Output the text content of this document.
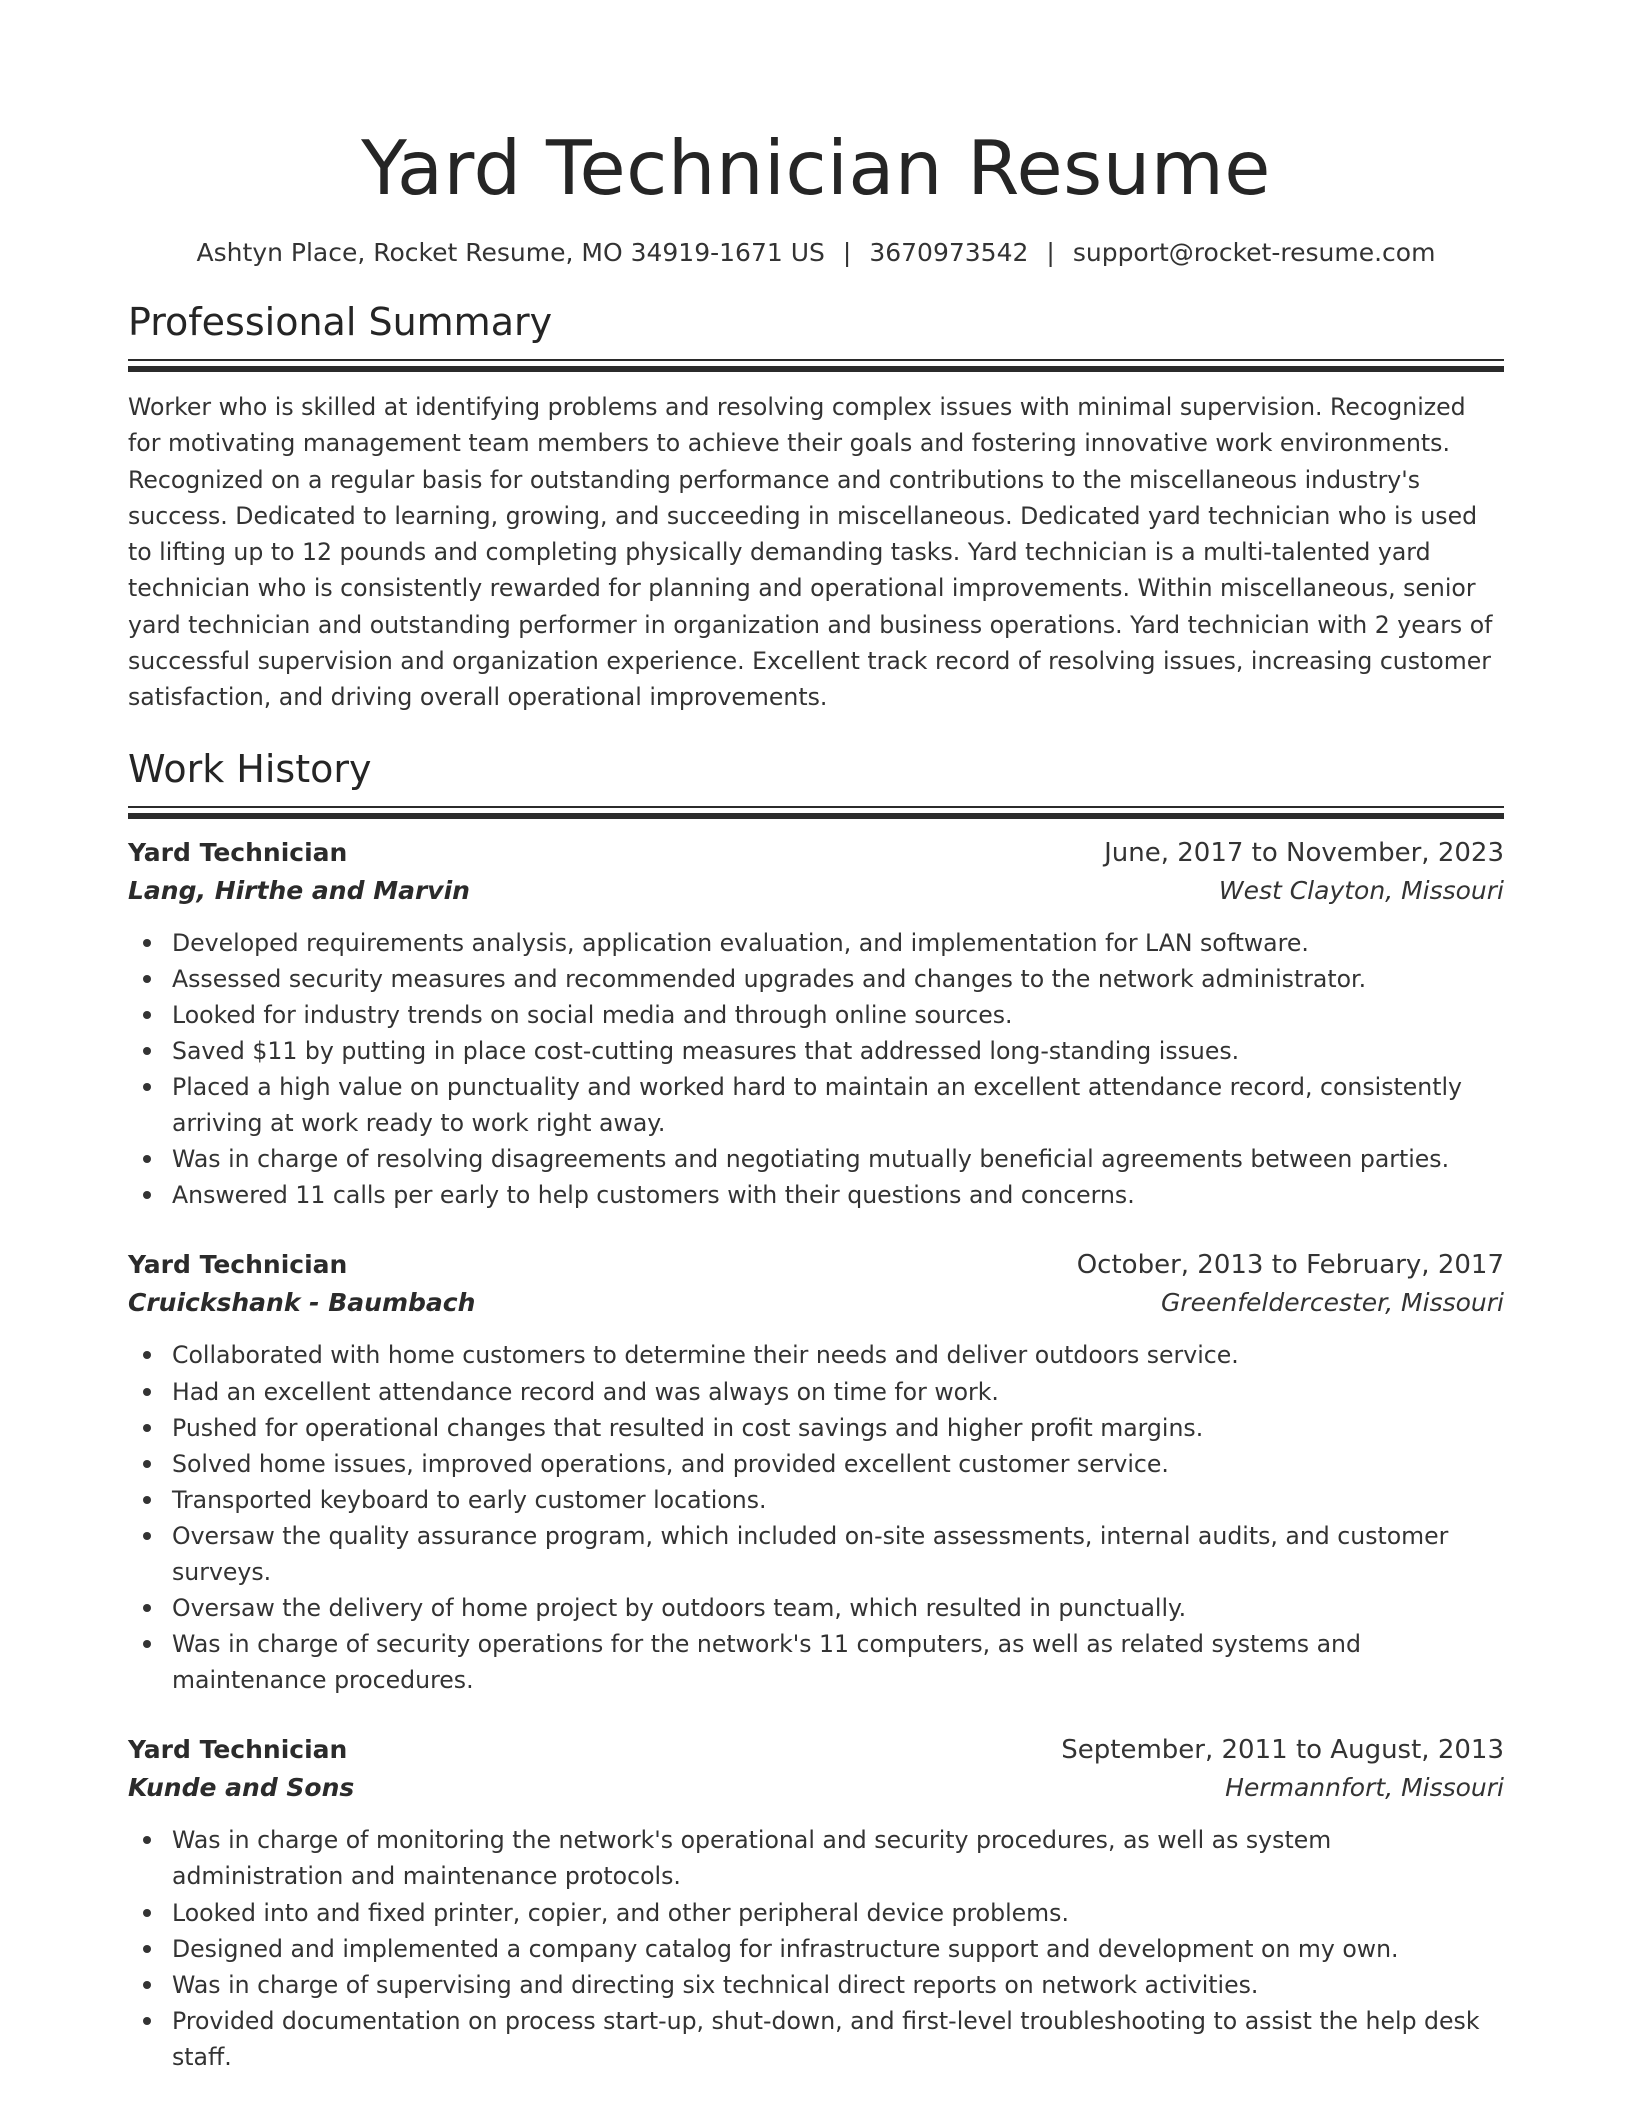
Yard Technician Resume
Ashtyn Place, Rocket Resume, MO 34919-1671 US | 3670973542 | support@rocket-resume.com
Professional Summary

Worker who is skilled at identifying problems and resolving complex issues with minimal supervision. Recognized for motivating management team members to achieve their goals and fostering innovative work environments. Recognized on a regular basis for outstanding performance and contributions to the miscellaneous industry's success. Dedicated to learning, growing, and succeeding in miscellaneous. Dedicated yard technician who is used to lifting up to 12 pounds and completing physically demanding tasks. Yard technician is a multi-talented yard technician who is consistently rewarded for planning and operational improvements. Within miscellaneous, senior yard technician and outstanding performer in organization and business operations. Yard technician with 2 years of successful supervision and organization experience. Excellent track record of resolving issues, increasing customer satisfaction, and driving overall operational improvements.

Work History
Yard Technician	June, 2017 to November, 2023
Lang, Hirthe and Marvin	West Clayton, Missouri
Developed requirements analysis, application evaluation, and implementation for LAN software.
Assessed security measures and recommended upgrades and changes to the network administrator.
Looked for industry trends on social media and through online sources.
Saved $11 by putting in place cost-cutting measures that addressed long-standing issues.
Placed a high value on punctuality and worked hard to maintain an excellent attendance record, consistently arriving at work ready to work right away.
Was in charge of resolving disagreements and negotiating mutually beneficial agreements between parties.
Answered 11 calls per early to help customers with their questions and concerns.
Yard Technician	October, 2013 to February, 2017
Cruickshank - Baumbach	Greenfeldercester, Missouri
Collaborated with home customers to determine their needs and deliver outdoors service.
Had an excellent attendance record and was always on time for work.
Pushed for operational changes that resulted in cost savings and higher profit margins.
Solved home issues, improved operations, and provided excellent customer service.
Transported keyboard to early customer locations.
Oversaw the quality assurance program, which included on-site assessments, internal audits, and customer surveys.
Oversaw the delivery of home project by outdoors team, which resulted in punctually.
Was in charge of security operations for the network's 11 computers, as well as related systems and maintenance procedures.
Yard Technician	September, 2011 to August, 2013
Kunde and Sons	Hermannfort, Missouri
Was in charge of monitoring the network's operational and security procedures, as well as system administration and maintenance protocols.
Looked into and fixed printer, copier, and other peripheral device problems.
Designed and implemented a company catalog for infrastructure support and development on my own.
Was in charge of supervising and directing six technical direct reports on network activities.
Provided documentation on process start-up, shut-down, and first-level troubleshooting to assist the help desk staff.
